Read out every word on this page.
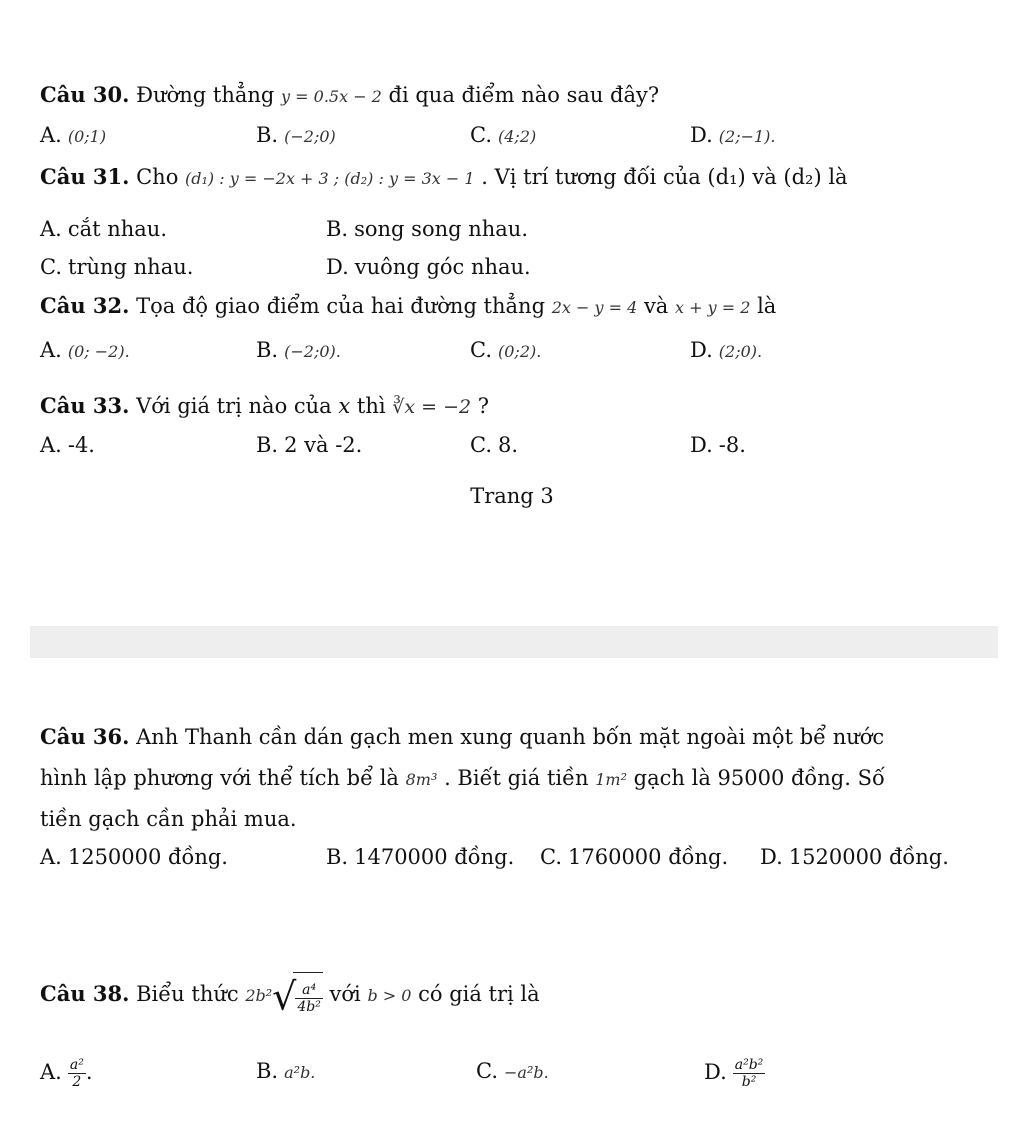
Câu 30. Đường thẳng y = 0.5x − 2 đi qua điểm nào sau đây?
A. (0;1)	B. (−2;0)	C. (4;2)	D. (2;−1).
Câu 31. Cho (d₁) : y = −2x + 3 ; (d₂) : y = 3x − 1 . Vị trí tương đối của (d₁) và (d₂) là
A. cắt nhau.	B. song song nhau.
C. trùng nhau.	D. vuông góc nhau.
Câu 32. Tọa độ giao điểm của hai đường thẳng 2x − y = 4 và x + y = 2 là
A. (0; −2).	B. (−2;0).	C. (0;2).	D. (2;0).
Câu 33. Với giá trị nào của x thì ∛x = −2 ?
A. -4.	B. 2 và -2.	C. 8.	D. -8.
Trang 3
Câu 36. Anh Thanh cần dán gạch men xung quanh bốn mặt ngoài một bể nước
hình lập phương với thể tích bể là 8m³ . Biết giá tiền 1m² gạch là 95000 đồng. Số
tiền gạch cần phải mua.
A. 1250000 đồng.	B. 1470000 đồng. C. 1760000 đồng. D. 1520000 đồng.
Câu 38. Biểu thức $2b^2√ \frac{\text{a⁴}}{\text{4b²}}$ với b > 0 có giá trị là
A. $\frac{\text{a²}}{2}$ .	B. a²b.	C. −a²b.	D. $\frac{\text{a²b²}}{\text{b²}}$
